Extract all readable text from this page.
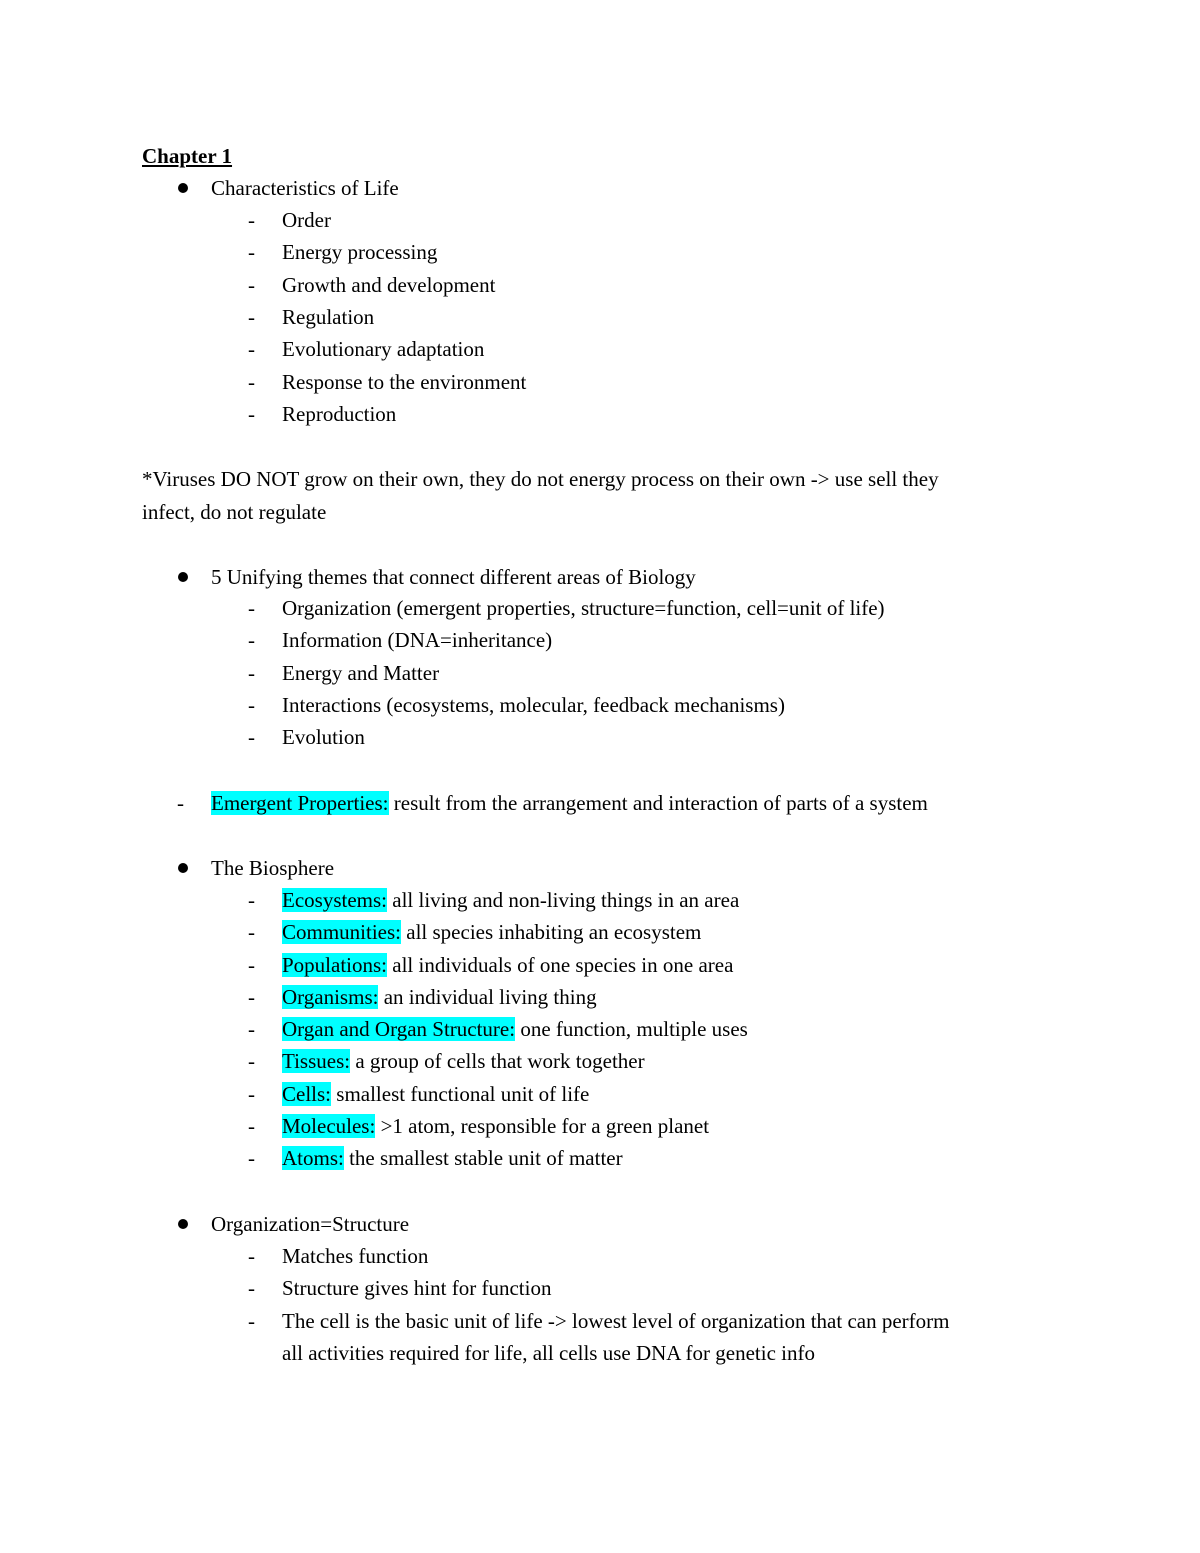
Chapter 1
Characteristics of Life
- Order
- Energy processing
- Growth and development
- Regulation
- Evolutionary adaptation
- Response to the environment
- Reproduction
*Viruses DO NOT grow on their own, they do not energy process on their own -> use sell they
infect, do not regulate
5 Unifying themes that connect different areas of Biology
- Organization (emergent properties, structure=function, cell=unit of life)
- Information (DNA=inheritance)
- Energy and Matter
- Interactions (ecosystems, molecular, feedback mechanisms)
- Evolution
- Emergent Properties: result from the arrangement and interaction of parts of a system
The Biosphere
- Ecosystems: all living and non-living things in an area
- Communities: all species inhabiting an ecosystem
- Populations: all individuals of one species in one area
- Organisms: an individual living thing
- Organ and Organ Structure: one function, multiple uses
- Tissues: a group of cells that work together
- Cells: smallest functional unit of life
- Molecules: >1 atom, responsible for a green planet
- Atoms: the smallest stable unit of matter
Organization=Structure
- Matches function
- Structure gives hint for function
- The cell is the basic unit of life -> lowest level of organization that can perform
all activities required for life, all cells use DNA for genetic info
